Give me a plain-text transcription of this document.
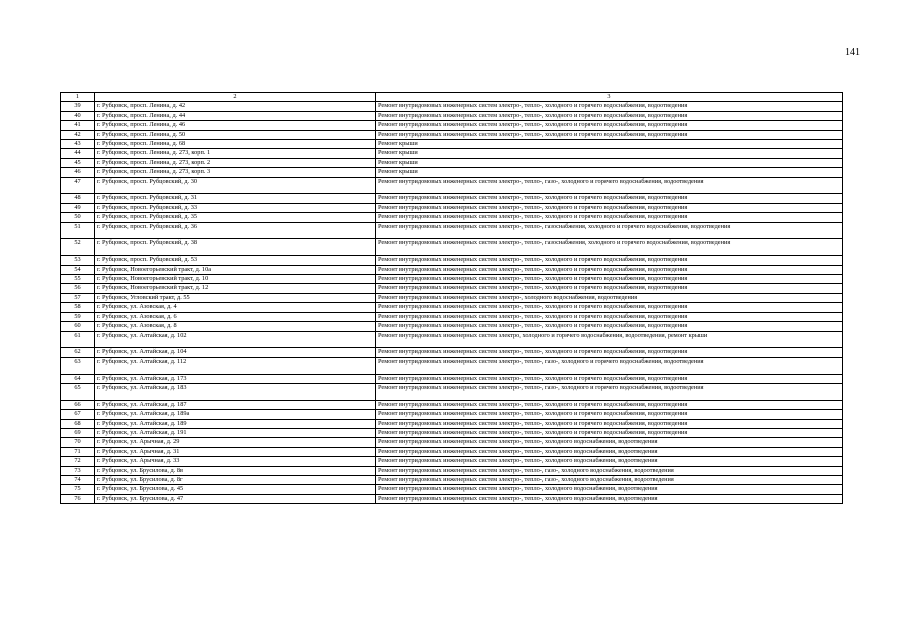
141
1	2	3
39	г. Рубцовск, просп. Ленина, д. 42	Ремонт внутридомовых инженерных систем электро-, тепло-, холодного и горячего водоснабжения, водоотведения
40	г. Рубцовск, просп. Ленина, д. 44	Ремонт внутридомовых инженерных систем электро-, тепло-, холодного и горячего водоснабжения, водоотведения
41	г. Рубцовск, просп. Ленина, д. 46	Ремонт внутридомовых инженерных систем электро-, тепло-, холодного и горячего водоснабжения, водоотведения
42	г. Рубцовск, просп. Ленина, д. 50	Ремонт внутридомовых инженерных систем электро-, тепло-, холодного и горячего водоснабжения, водоотведения
43	г. Рубцовск, просп. Ленина, д. 68	Ремонт крыши
44	г. Рубцовск, просп. Ленина, д. 273, корп. 1	Ремонт крыши
45	г. Рубцовск, просп. Ленина, д. 273, корп. 2	Ремонт крыши
46	г. Рубцовск, просп. Ленина, д. 273, корп. 3	Ремонт крыши
47	г. Рубцовск, просп. Рубцовский, д. 30	Ремонт внутридомовых инженерных систем электро-, тепло-, газо-, холодного и горячего водоснабжения, водоотведения
48	г. Рубцовск, просп. Рубцовский, д. 31	Ремонт внутридомовых инженерных систем электро-, тепло-, холодного и горячего водоснабжения, водоотведения
49	г. Рубцовск, просп. Рубцовский, д. 33	Ремонт внутридомовых инженерных систем электро-, тепло-, холодного и горячего водоснабжения, водоотведения
50	г. Рубцовск, просп. Рубцовский, д. 35	Ремонт внутридомовых инженерных систем электро-, тепло-, холодного и горячего водоснабжения, водоотведения
51	г. Рубцовск, просп. Рубцовский, д. 36	Ремонт внутридомовых инженерных систем электро-, тепло-, газоснабжения, холодного и горячего водоснабжения, водоотведения
52	г. Рубцовск, просп. Рубцовский, д. 38	Ремонт внутридомовых инженерных систем электро-, тепло-, газоснабжения, холодного и горячего водоснабжения, водоотведения
53	г. Рубцовск, просп. Рубцовский, д. 53	Ремонт внутридомовых инженерных систем электро-, тепло-, холодного и горячего водоснабжения, водоотведения
54	г. Рубцовск, Новоегорьевский тракт, д. 10а	Ремонт внутридомовых инженерных систем электро-, тепло-, холодного и горячего водоснабжения, водоотведения
55	г. Рубцовск, Новоегорьевский тракт, д. 10	Ремонт внутридомовых инженерных систем электро-, тепло-, холодного и горячего водоснабжения, водоотведения
56	г. Рубцовск, Новоегорьевский тракт, д. 12	Ремонт внутридомовых инженерных систем электро-, тепло-, холодного и горячего водоснабжения, водоотведения
57	г. Рубцовск, Угловский тракт, д. 55	Ремонт внутридомовых инженерных систем электро-, холодного водоснабжения, водоотведения
58	г. Рубцовск, ул. Азовская, д. 4	Ремонт внутридомовых инженерных систем электро-, тепло-, холодного и горячего водоснабжения, водоотведения
59	г. Рубцовск, ул. Азовская, д. 6	Ремонт внутридомовых инженерных систем электро-, тепло-, холодного и горячего водоснабжения, водоотведения
60	г. Рубцовск, ул. Азовская, д. 8	Ремонт внутридомовых инженерных систем электро-, тепло-, холодного и горячего водоснабжения, водоотведения
61	г. Рубцовск, ул. Алтайская, д. 102	Ремонт внутридомовых инженерных систем электро, холодного и горячего водоснабжения, водоотведения, ремонт крыши
62	г. Рубцовск, ул. Алтайская, д. 104	Ремонт внутридомовых инженерных систем электро-, тепло-, холодного и горячего водоснабжения, водоотведения
63	г. Рубцовск, ул. Алтайская, д. 112	Ремонт внутридомовых инженерных систем электро-, тепло-, газо-, холодного и горячего водоснабжения, водоотведения
64	г. Рубцовск, ул. Алтайская, д. 173	Ремонт внутридомовых инженерных систем электро-, тепло-, холодного и горячего водоснабжения, водоотведения
65	г. Рубцовск, ул. Алтайская, д. 183	Ремонт внутридомовых инженерных систем электро-, тепло-, газо-, холодного и горячего водоснабжения, водоотведения
66	г. Рубцовск, ул. Алтайская, д. 187	Ремонт внутридомовых инженерных систем электро-, тепло-, холодного и горячего водоснабжения, водоотведения
67	г. Рубцовск, ул. Алтайская, д. 189а	Ремонт внутридомовых инженерных систем электро-, тепло-, холодного и горячего водоснабжения, водоотведения
68	г. Рубцовск, ул. Алтайская, д. 189	Ремонт внутридомовых инженерных систем электро-, тепло-, холодного и горячего водоснабжения, водоотведения
69	г. Рубцовск, ул. Алтайская, д. 191	Ремонт внутридомовых инженерных систем электро-, тепло-, холодного и горячего водоснабжения, водоотведения
70	г. Рубцовск, ул. Арычная, д. 29	Ремонт внутридомовых инженерных систем электро-, тепло-, холодного водоснабжения, водоотведения
71	г. Рубцовск, ул. Арычная, д. 31	Ремонт внутридомовых инженерных систем электро-, тепло-, холодного водоснабжения, водоотведения
72	г. Рубцовск, ул. Арычная, д. 33	Ремонт внутридомовых инженерных систем электро-, тепло-, холодного водоснабжения, водоотведения
73	г. Рубцовск, ул. Брусилова, д. 8в	Ремонт внутридомовых инженерных систем электро-, тепло-, газо-, холодного водоснабжения, водоотведения
74	г. Рубцовск, ул. Брусилова, д. 8г	Ремонт внутридомовых инженерных систем электро-, тепло-, газо-, холодного водоснабжения, водоотведения
75	г. Рубцовск, ул. Брусилова, д. 45	Ремонт внутридомовых инженерных систем электро-, тепло-, холодного водоснабжения, водоотведения
76	г. Рубцовск, ул. Брусилова, д. 47	Ремонт внутридомовых инженерных систем электро-, тепло-, холодного водоснабжения, водоотведения
